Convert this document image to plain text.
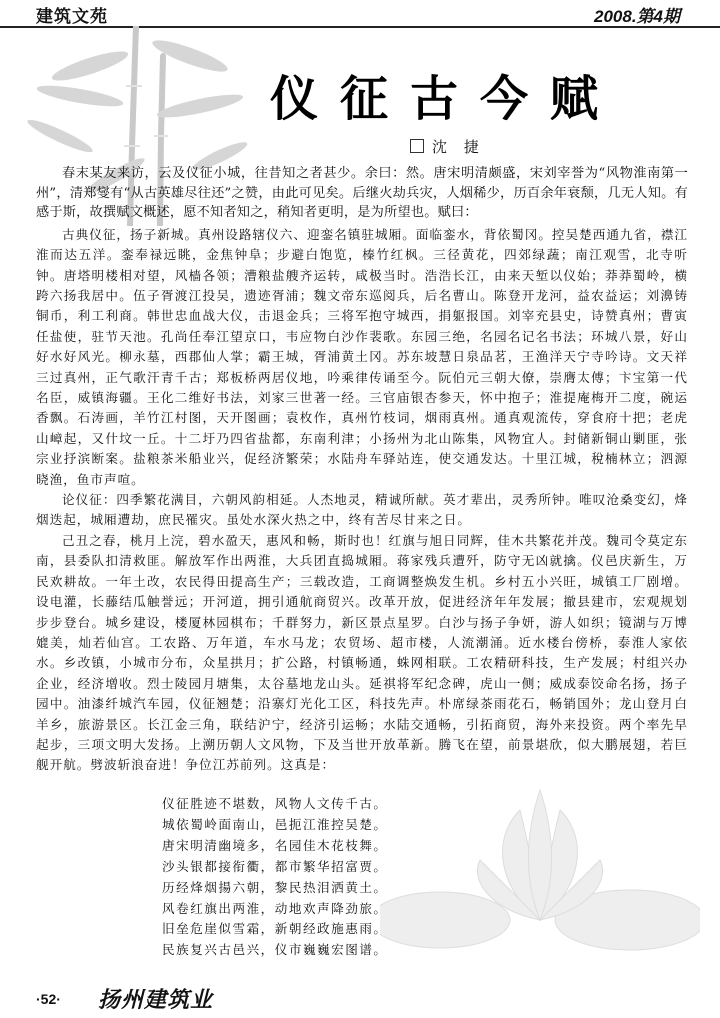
建筑文苑	2008.第4期
仪征古今赋
沈 捷

春末某友来访，云及仪征小城，往昔知之者甚少。余曰：然。唐宋明清颇盛，宋刘宰誉为“风物淮南第一州”，清郑燮有“从古英雄尽往还”之赞，由此可见矣。后继火劫兵灾，人烟稀少，历百余年衰颓，几无人知。有感于斯，故撰赋文概述，愿不知者知之，稍知者更明，是为所望也。赋曰：

古典仪征，扬子新城。真州设路辖仪六、迎銮名镇驻城厢。面临銮水，背依蜀冈。控吴楚西通九省，襟江淮而达五洋。銮奉禄远眺，金焦钟阜；步避白饱览，榛竹红枫。三径黄花，四郊绿蔬；南江观雪，北寺听钟。唐塔明楼相对望，风樯各领；漕粮盐艘齐运转，咸极当时。浩浩长江，由来天堑以仪始；莽莽蜀岭，横跨六扬我居中。伍子胥渡江投吴，遗迹胥浦；魏文帝东巡阅兵，后名曹山。陈登开龙河，益农益运；刘濞铸铜币，利工利商。韩世忠血战大仪，击退金兵；三将军抱守城西，捐躯报国。刘宰充县史，诗赞真州；曹寅任盐使，驻节天池。孔尚任奉江望京口，韦应物白沙作裴歌。东园三绝，名园名记名书法；环城八景，好山好水好风光。柳永墓，西郡仙人掌；霸王城，胥浦黄土冈。苏东坡慧日泉品茗，王渔洋天宁寺吟诗。文天祥三过真州，正气歌汗青千古；郑板桥两居仪地，吟乘律传诵至今。阮伯元三朝大僚，崇膺太傅；卞宝第一代名臣，威镇海疆。王化二维好书法，刘家三世著一经。三官庙银杏参天，怀中抱子；淮提庵梅开二度，碗运香飘。石涛画，羊竹江村图，天开图画；袁枚作，真州竹枝词，烟雨真州。通真观流传，穿食府十把；老虎山嶂起，又什坟一丘。十二圩乃四省盐都，东南利津；小扬州为北山陈集，风物宜人。封储新铜山剿匪，张宗业抒滨断案。盐粮茶米船业兴，促经济繁荣；水陆舟车驿站连，使交通发达。十里江城，稅楠林立；泗源晓渔，鱼市声喧。

论仪征：四季繁花满目，六朝风韵相延。人杰地灵，精诚所献。英才辈出，灵秀所钟。唯叹沧桑变幻，烽烟迭起，城厢遭劫，庶民罹灾。虽处水深火热之中，终有苦尽甘来之日。

己丑之春，桃月上浣，碧水盈天，惠风和畅，斯时也！红旗与旭日同辉，佳木共繁花并茂。魏司令莫定东南，县委队扣清救匪。解放军作出两淮，大兵团直捣城厢。蒋家残兵遭歼，防守无凶就擒。仪邑庆新生，万民欢耕故。一年土改，农民得田提高生产；三载改造，工商调整焕发生机。乡村五小兴旺，城镇工厂剧增。设电灌，长藤结瓜触誉远；开河道，拥引通航商贸兴。改革开放，促进经济年年发展；撤县建市，宏观规划步步登台。城乡建设，楼厦林园棋布；千群努力，新区景点星罗。白沙与扬子争妍，游人如织；镜湖与万博媲美，灿若仙宫。工农路、万年道，车水马龙；农贸场、超市楼，人流潮涌。近水楼台傍桥，泰淮人家依水。乡改镇，小城市分布，众星拱月；扩公路，村镇畅通，蛛网相联。工农精研科技，生产发展；村组兴办企业，经济增收。烈士陵园月塘集，太谷墓地龙山头。延祺将军纪念碑，虎山一侧；威成泰饺命名扬，扬子园中。油漆纤城汽车园，仪征翘楚；沿寨灯光化工区，科技先声。朴席绿茶雨花石，畅销国外；龙山登月白羊乡，旅游景区。长江金三角，联结沪宁，经济引运畅；水陆交通畅，引拓商贸，海外来投资。两个率先早起步，三项文明大发扬。上溯历朝人文风物，下及当世开放革新。腾飞在望，前景堪欣，似大鹏展翅，若巨舰开航。劈波斩浪奋进！争位江苏前列。这真是：

仪征胜迹不堪数，风物人文传千古。
城依蜀岭面南山，邑扼江淮控吴楚。
唐宋明清幽境多，名园佳木花枝舞。
沙头银都接衔衢，都市繁华招富贾。
历经烽烟揚六朝，黎民热泪洒黄土。
风卷红旗出两淮，动地欢声降劲旅。
旧垒危崖似雪霜，新朝经政施惠雨。
民族复兴古邑兴，仪市巍巍宏图谱。
·52· 扬州建筑业
